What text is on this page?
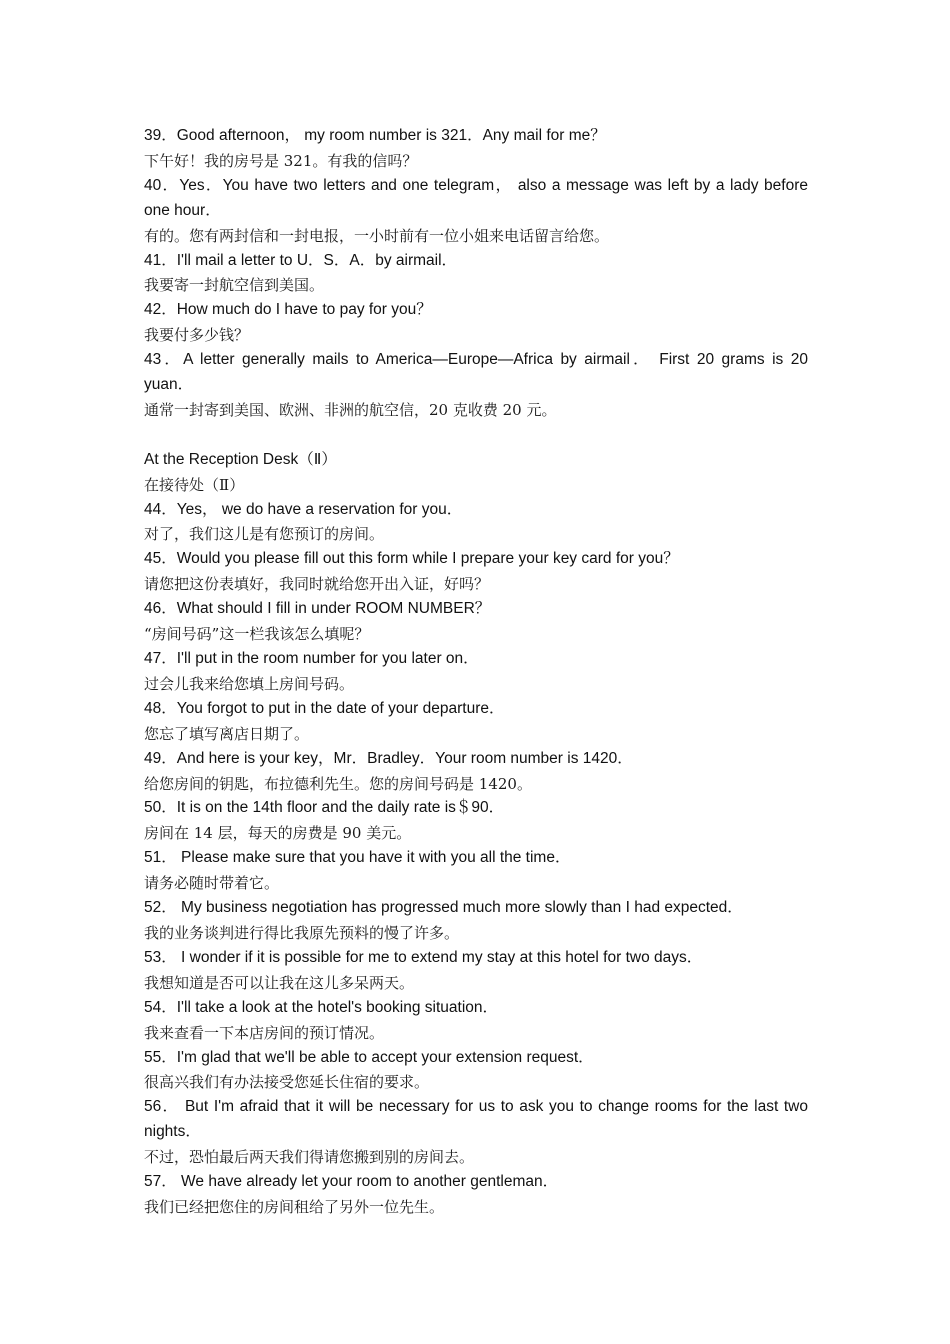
39．Good afternoon， my room number is 321．Any mail for me？

下午好！我的房号是 321。有我的信吗？

40．Yes．You have two letters and one telegram， also a message was left by a lady before one hour．

有的。您有两封信和一封电报，一小时前有一位小姐来电话留言给您。

41．I'll mail a letter to U．S．A．by airmail．

我要寄一封航空信到美国。

42．How much do I have to pay for you？

我要付多少钱？

43．A letter generally mails to America—Europe—Africa by airmail． First 20 grams is 20 yuan．

通常一封寄到美国、欧洲、非洲的航空信，20 克收费 20 元。

At the Reception Desk（Ⅱ）

在接待处（Ⅱ）

44．Yes， we do have a reservation for you．

对了，我们这儿是有您预订的房间。

45．Would you please fill out this form while I prepare your key card for you？

请您把这份表填好，我同时就给您开出入证，好吗？

46．What should I fill in under ROOM NUMBER？

“房间号码”这一栏我该怎么填呢？

47．I'll put in the room number for you later on．

过会儿我来给您填上房间号码。

48．You forgot to put in the date of your departure．

您忘了填写离店日期了。

49．And here is your key，Mr．Bradley．Your room number is 1420．

给您房间的钥匙，布拉德利先生。您的房间号码是 1420。

50．It is on the 14th floor and the daily rate is＄90．

房间在 14 层，每天的房费是 90 美元。

51． Please make sure that you have it with you all the time．

请务必随时带着它。

52． My business negotiation has progressed much more slowly than I had expected．

我的业务谈判进行得比我原先预料的慢了许多。

53． I wonder if it is possible for me to extend my stay at this hotel for two days．

我想知道是否可以让我在这儿多呆两天。

54．I'll take a look at the hotel's booking situation．

我来查看一下本店房间的预订情况。

55．I'm glad that we'll be able to accept your extension request．

很高兴我们有办法接受您延长住宿的要求。

56． But I'm afraid that it will be necessary for us to ask you to change rooms for the last two nights．

不过，恐怕最后两天我们得请您搬到别的房间去。

57． We have already let your room to another gentleman．

我们已经把您住的房间租给了另外一位先生。
